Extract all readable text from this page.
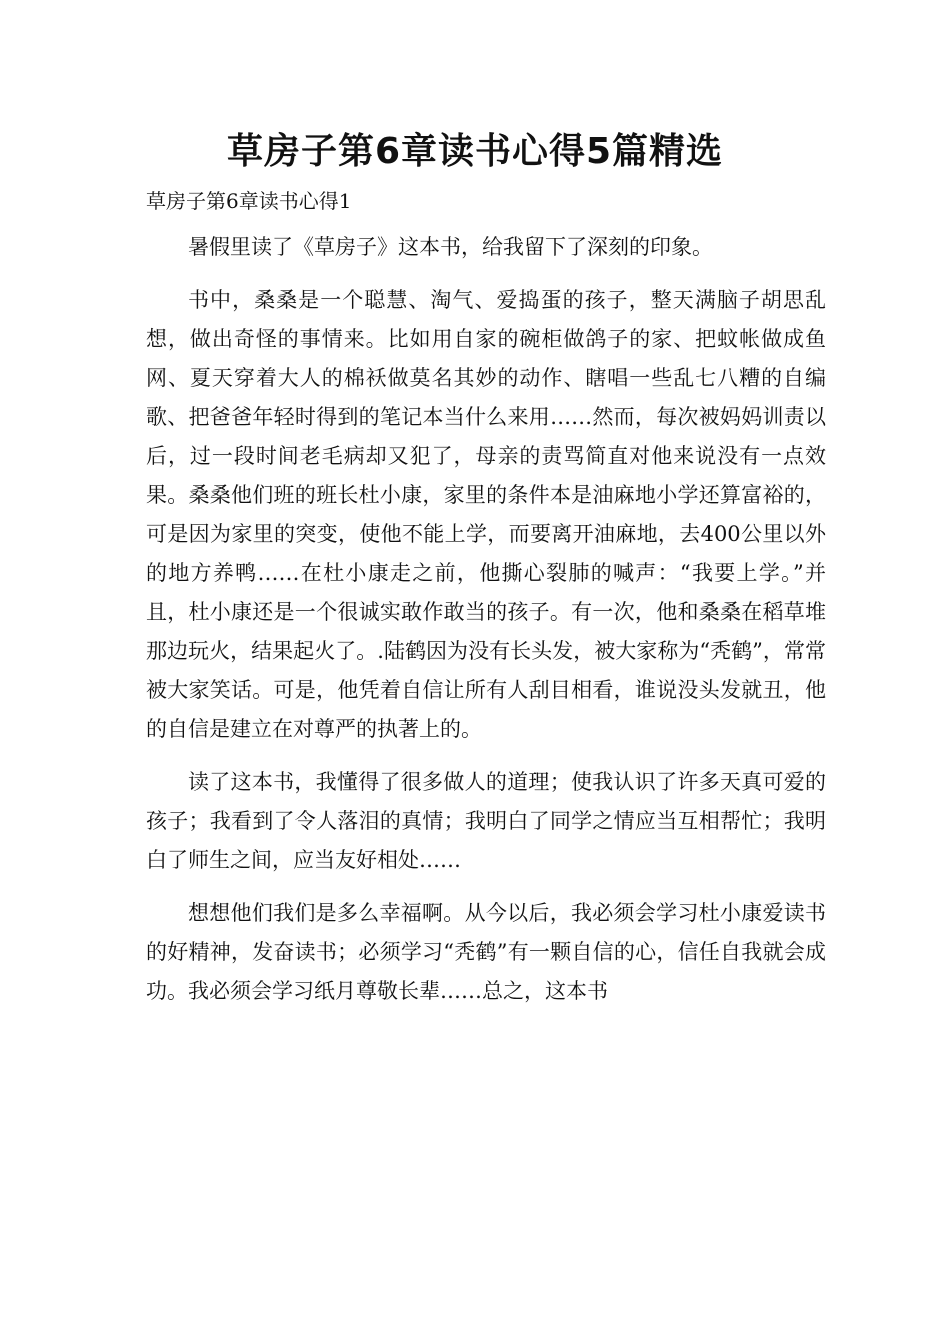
草房子第6章读书心得5篇精选

草房子第6章读书心得1

暑假里读了《草房子》这本书，给我留下了深刻的印象。

书中，桑桑是一个聪慧、淘气、爱捣蛋的孩子，整天满脑子胡思乱想，做出奇怪的事情来。比如用自家的碗柜做鸽子的家、把蚊帐做成鱼网、夏天穿着大人的棉袄做莫名其妙的动作、瞎唱一些乱七八糟的自编歌、把爸爸年轻时得到的笔记本当什么来用……然而，每次被妈妈训责以后，过一段时间老毛病却又犯了，母亲的责骂简直对他来说没有一点效果。桑桑他们班的班长杜小康，家里的条件本是油麻地小学还算富裕的，可是因为家里的突变，使他不能上学，而要离开油麻地，去400公里以外的地方养鸭……在杜小康走之前，他撕心裂肺的喊声：“我要上学。”并且，杜小康还是一个很诚实敢作敢当的孩子。有一次，他和桑桑在稻草堆那边玩火，结果起火了。.陆鹤因为没有长头发，被大家称为“秃鹤”，常常被大家笑话。可是，他凭着自信让所有人刮目相看，谁说没头发就丑，他的自信是建立在对尊严的执著上的。

读了这本书，我懂得了很多做人的道理；使我认识了许多天真可爱的孩子；我看到了令人落泪的真情；我明白了同学之情应当互相帮忙；我明白了师生之间，应当友好相处……

想想他们我们是多么幸福啊。从今以后，我必须会学习杜小康爱读书的好精神，发奋读书；必须学习“秃鹤”有一颗自信的心，信任自我就会成功。我必须会学习纸月尊敬长辈……总之，这本书
